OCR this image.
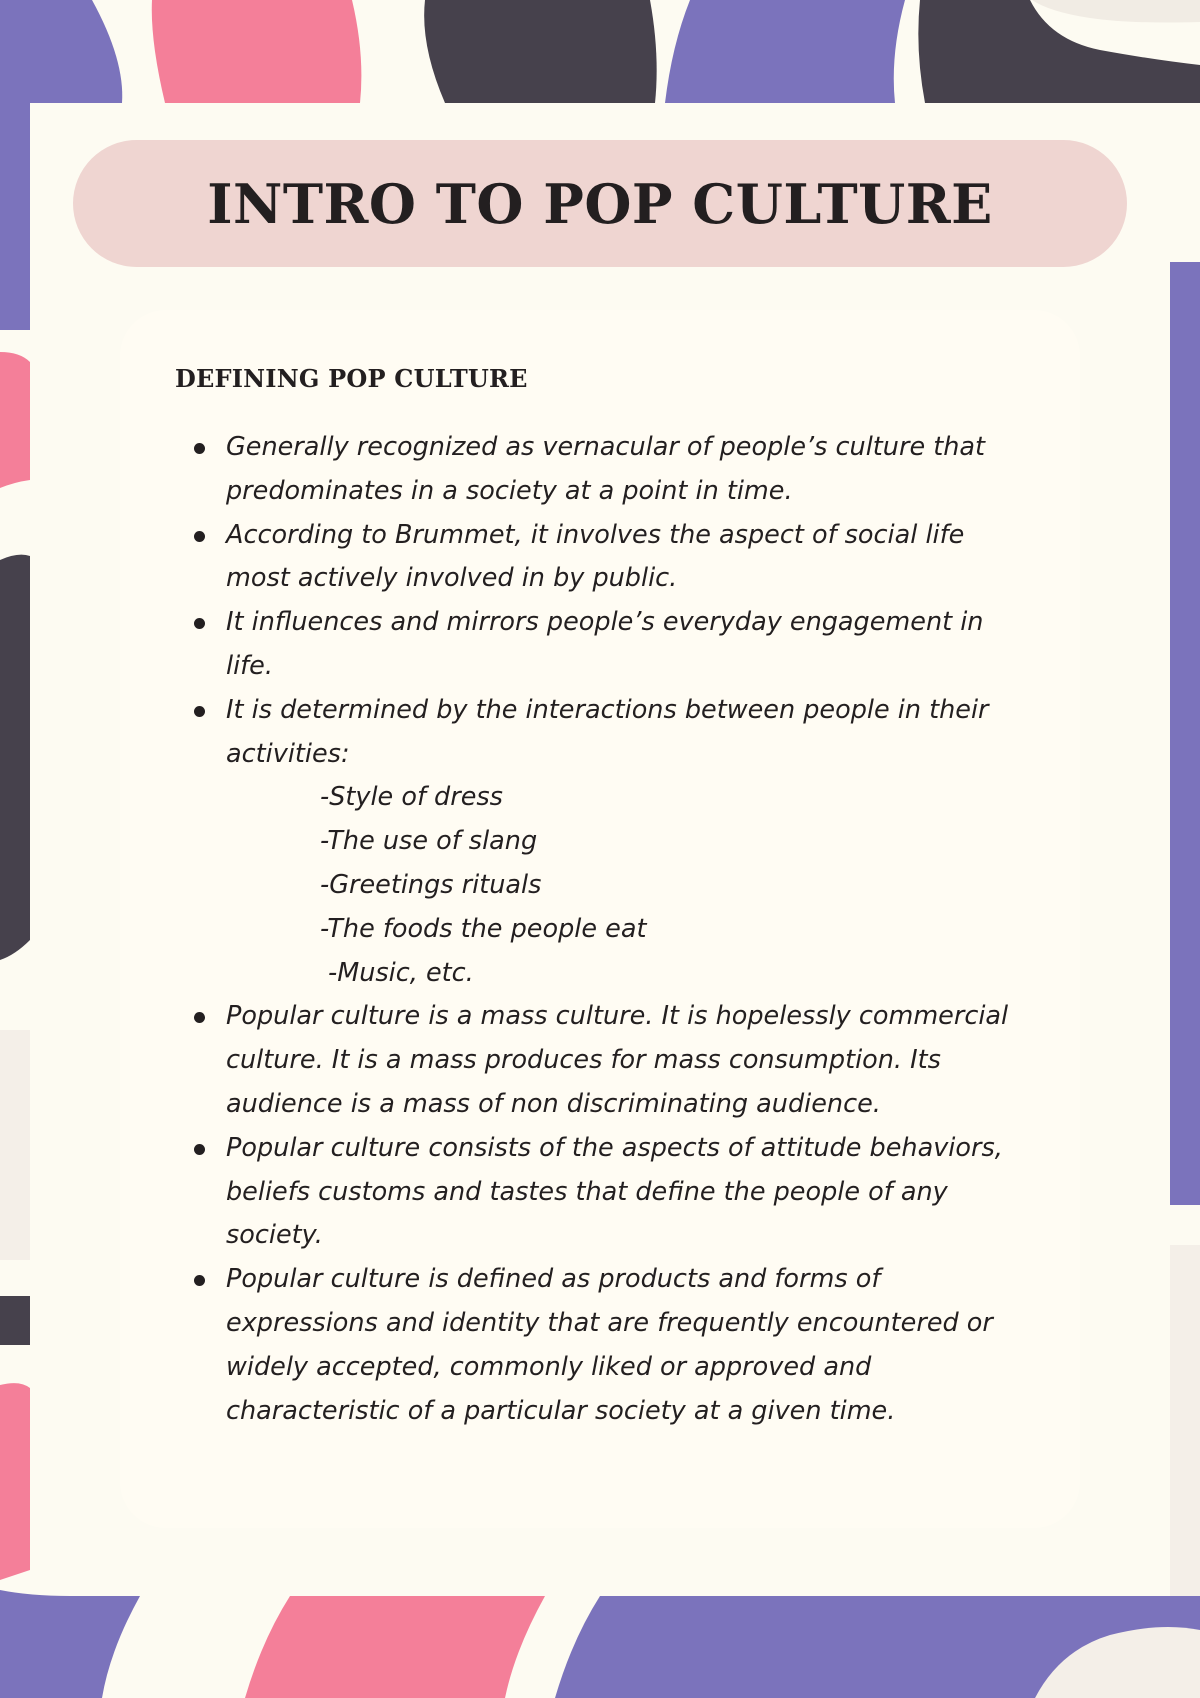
INTRO TO POP CULTURE
DEFINING POP CULTURE
Generally recognized as vernacular of people’s culture that predominates in a society at a point in time.
According to Brummet, it involves the aspect of social life most actively involved in by public.
It influences and mirrors people’s everyday engagement in life.
It is determined by the interactions between people in their activities:
-Style of dress
-The use of slang
-Greetings rituals
-The foods the people eat
-Music, etc.
Popular culture is a mass culture. It is hopelessly commercial culture. It is a mass produces for mass consumption. Its audience is a mass of non discriminating audience.
Popular culture consists of the aspects of attitude behaviors, beliefs customs and tastes that define the people of any society.
Popular culture is defined as products and forms of expressions and identity that are frequently encountered or widely accepted, commonly liked or approved and characteristic of a particular society at a given time.
